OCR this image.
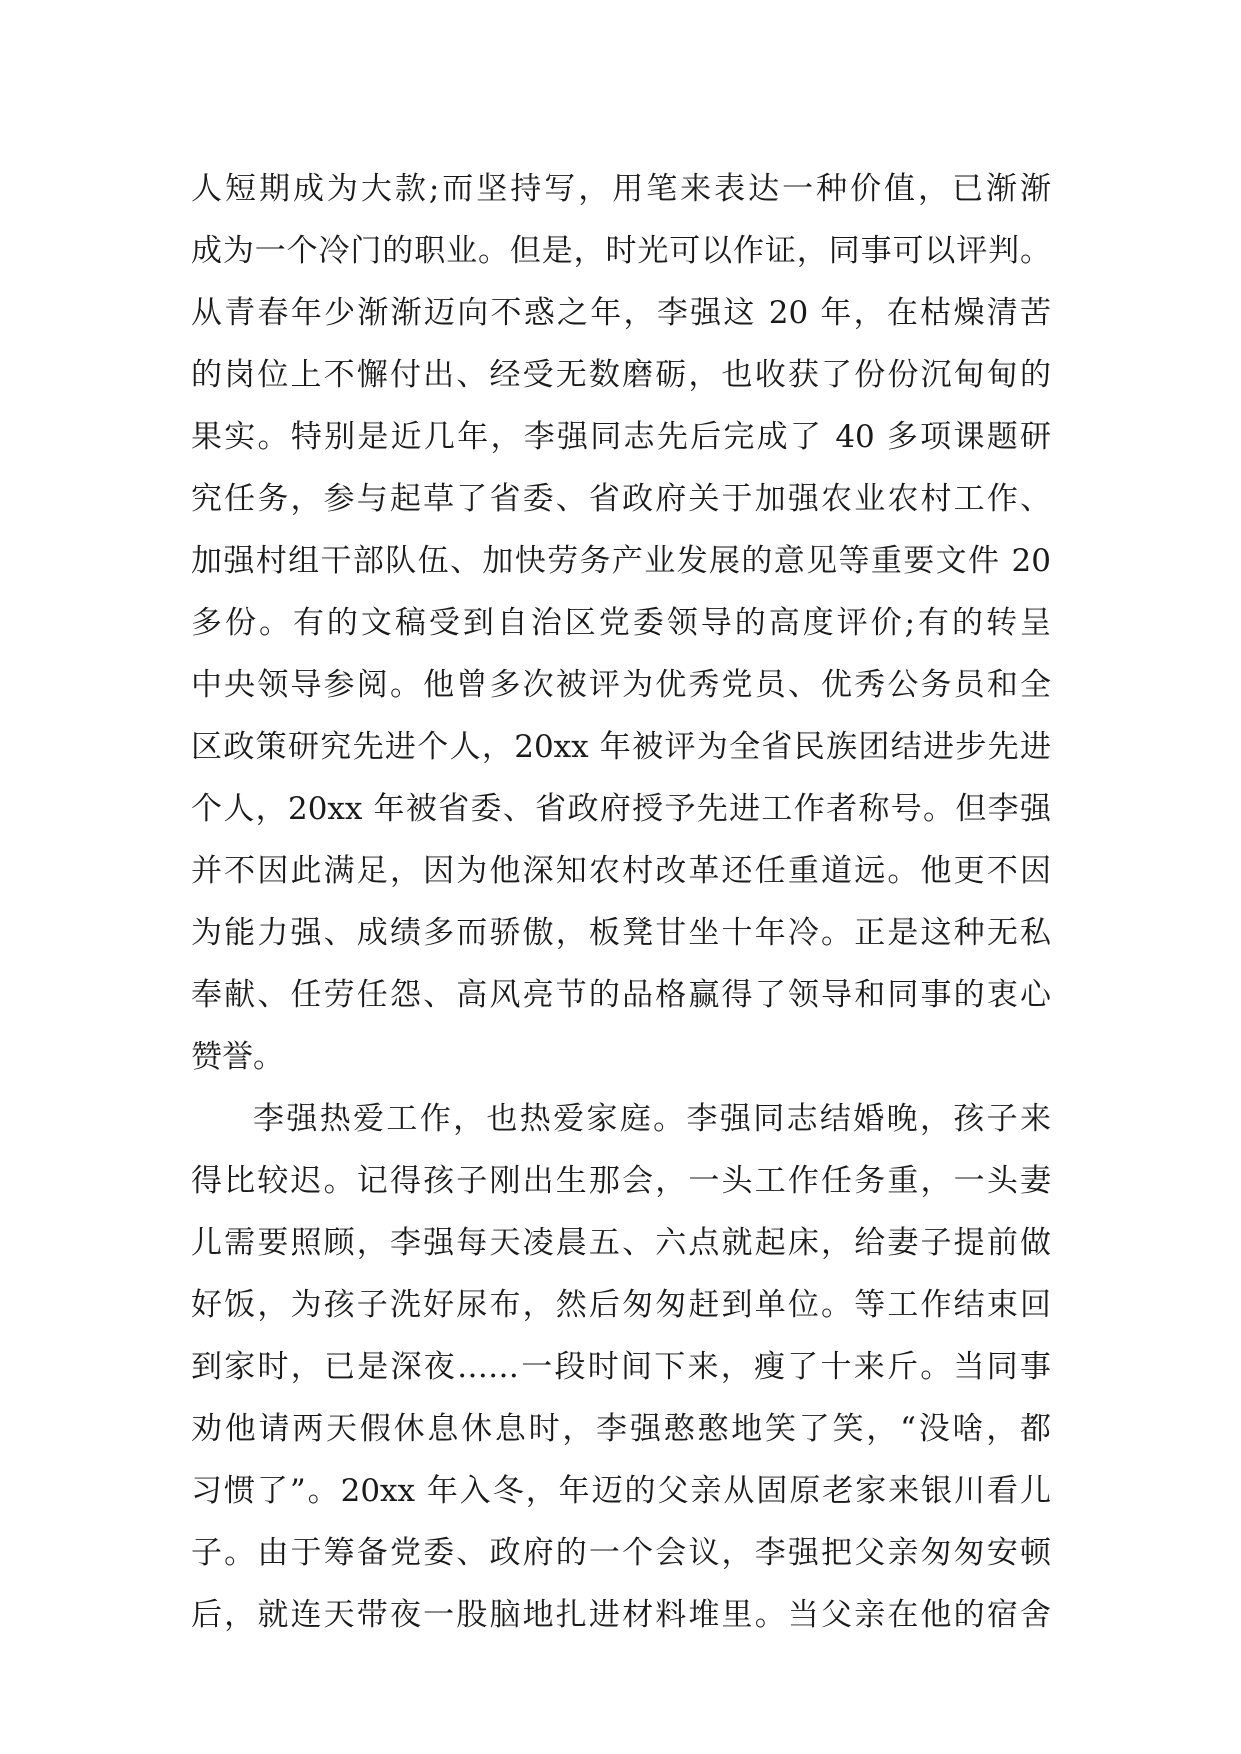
人短期成为大款;而坚持写，用笔来表达一种价值，已渐渐
成为一个冷门的职业。但是，时光可以作证，同事可以评判。
从青春年少渐渐迈向不惑之年，李强这 20 年，在枯燥清苦
的岗位上不懈付出、经受无数磨砺，也收获了份份沉甸甸的
果实。特别是近几年，李强同志先后完成了 40 多项课题研
究任务，参与起草了省委、省政府关于加强农业农村工作、
加强村组干部队伍、加快劳务产业发展的意见等重要文件 20
多份。有的文稿受到自治区党委领导的高度评价;有的转呈
中央领导参阅。他曾多次被评为优秀党员、优秀公务员和全
区政策研究先进个人，20xx 年被评为全省民族团结进步先进
个人，20xx 年被省委、省政府授予先进工作者称号。但李强
并不因此满足，因为他深知农村改革还任重道远。他更不因
为能力强、成绩多而骄傲，板凳甘坐十年冷。正是这种无私
奉献、任劳任怨、高风亮节的品格赢得了领导和同事的衷心
赞誉。
李强热爱工作，也热爱家庭。李强同志结婚晚，孩子来
得比较迟。记得孩子刚出生那会，一头工作任务重，一头妻
儿需要照顾，李强每天凌晨五、六点就起床，给妻子提前做
好饭，为孩子洗好尿布，然后匆匆赶到单位。等工作结束回
到家时，已是深夜……一段时间下来，瘦了十来斤。当同事
劝他请两天假休息休息时，李强憨憨地笑了笑，“没啥，都
习惯了”。20xx 年入冬，年迈的父亲从固原老家来银川看儿
子。由于筹备党委、政府的一个会议，李强把父亲匆匆安顿
后，就连天带夜一股脑地扎进材料堆里。当父亲在他的宿舍
